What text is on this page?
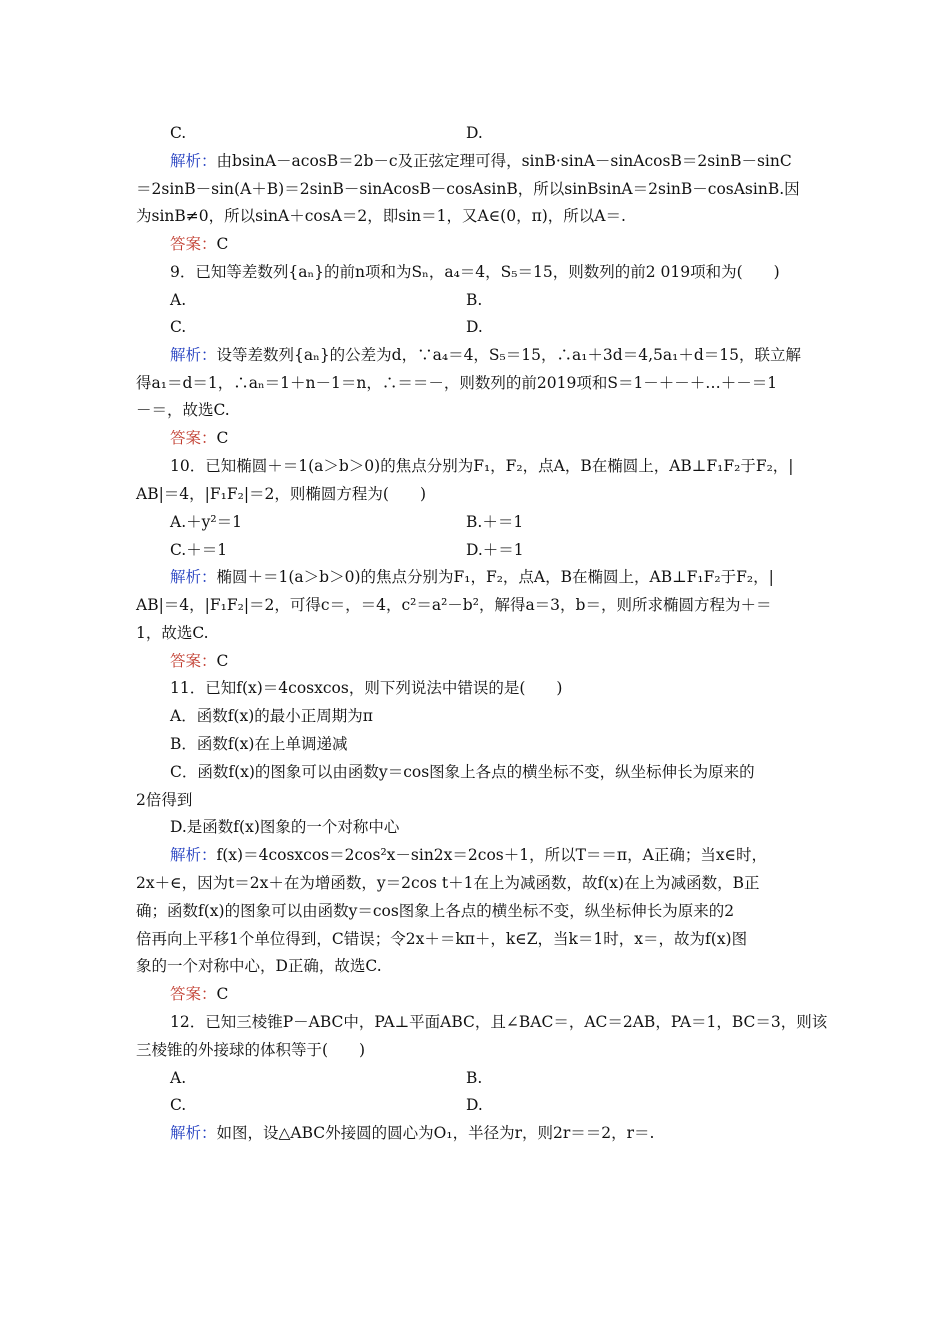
C.	D.
解析：由bsinA－acosB＝2b－c及正弦定理可得，sinB·sinA－sinAcosB＝2sinB－sinC
＝2sinB－sin(A＋B)＝2sinB－sinAcosB－cosAsinB，所以sinBsinA＝2sinB－cosAsinB.因
为sinB≠0，所以sinA＋cosA＝2，即sin＝1，又A∈(0，π)，所以A＝.
答案：C
9．已知等差数列{aₙ}的前n项和为Sₙ，a₄＝4，S₅＝15，则数列的前2 019项和为(　　)
A.	B.
C.	D.
解析：设等差数列{aₙ}的公差为d，∵a₄＝4，S₅＝15，∴a₁＋3d＝4,5a₁＋d＝15，联立解
得a₁＝d＝1，∴aₙ＝1＋n－1＝n，∴＝＝－，则数列的前2019项和S＝1－＋－＋…＋－＝1
－＝，故选C.
答案：C
10．已知椭圆＋＝1(a＞b＞0)的焦点分别为F₁，F₂，点A，B在椭圆上，AB⊥F₁F₂于F₂，|
AB|＝4，|F₁F₂|＝2，则椭圆方程为(　　)
A.＋y²＝1	B.＋＝1
C.＋＝1	D.＋＝1
解析：椭圆＋＝1(a＞b＞0)的焦点分别为F₁，F₂，点A，B在椭圆上，AB⊥F₁F₂于F₂，|
AB|＝4，|F₁F₂|＝2，可得c＝，＝4，c²＝a²－b²，解得a＝3，b＝，则所求椭圆方程为＋＝
1，故选C.
答案：C
11．已知f(x)＝4cosxcos，则下列说法中错误的是(　　)
A．函数f(x)的最小正周期为π
B．函数f(x)在上单调递减
C．函数f(x)的图象可以由函数y＝cos图象上各点的横坐标不变，纵坐标伸长为原来的
2倍得到
D.是函数f(x)图象的一个对称中心
解析：f(x)＝4cosxcos＝2cos²x－sin2x＝2cos＋1，所以T＝＝π，A正确；当x∈时，
2x＋∈，因为t＝2x＋在为增函数，y＝2cos t＋1在上为减函数，故f(x)在上为减函数，B正
确；函数f(x)的图象可以由函数y＝cos图象上各点的横坐标不变，纵坐标伸长为原来的2
倍再向上平移1个单位得到，C错误；令2x＋＝kπ＋，k∈Z，当k＝1时，x＝，故为f(x)图
象的一个对称中心，D正确，故选C.
答案：C
12．已知三棱锥P－ABC中，PA⊥平面ABC，且∠BAC＝，AC＝2AB，PA＝1，BC＝3，则该
三棱锥的外接球的体积等于(　　)
A.	B.
C.	D.
解析：如图，设△ABC外接圆的圆心为O₁，半径为r，则2r＝＝2，r＝.
